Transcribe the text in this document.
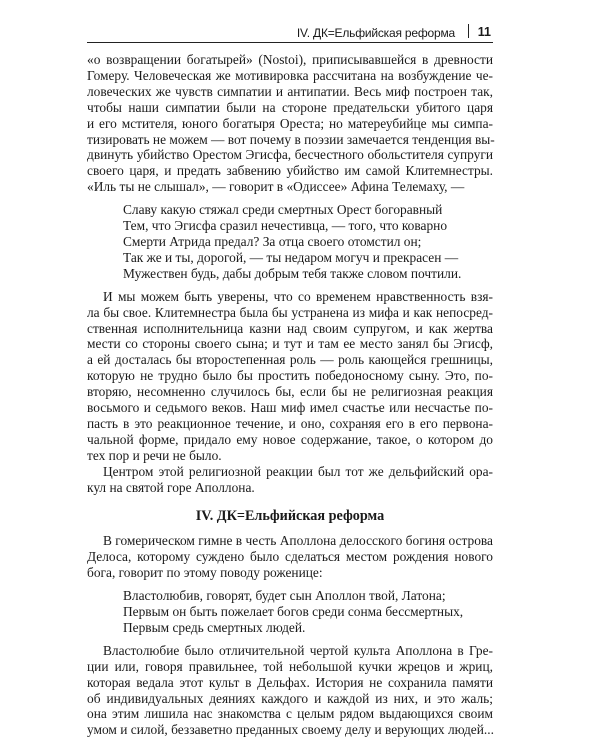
IV. ДК=Ельфийская реформа 11
«о возвращении богатырей» (Nostoi), приписывавшейся в древности
Гомеру. Человеческая же мотивировка рассчитана на возбуждение че-
ловеческих же чувств симпатии и антипатии. Весь миф построен так,
чтобы наши симпатии были на стороне предательски убитого царя
и его мстителя, юного богатыря Ореста; но матереубийце мы симпа-
тизировать не можем — вот почему в поэзии замечается тенденция вы-
двинуть убийство Орестом Эгисфа, бесчестного обольстителя супруги
своего царя, и предать забвению убийство им самой Клитемнестры.
«Иль ты не слышал», — говорит в «Одиссее» Афина Телемаху, —
Славу какую стяжал среди смертных Орест богоравный
Тем, что Эгисфа сразил нечестивца, — того, что коварно
Смерти Атрида предал? За отца своего отомстил он;
Так же и ты, дорогой, — ты недаром могуч и прекрасен —
Мужествен будь, дабы добрым тебя также словом почтили.
И мы можем быть уверены, что со временем нравственность взя-
ла бы свое. Клитемнестра была бы устранена из мифа и как непосред-
ственная исполнительница казни над своим супругом, и как жертва
мести со стороны своего сына; и тут и там ее место занял бы Эгисф,
а ей досталась бы второстепенная роль — роль кающейся грешницы,
которую не трудно было бы простить победоносному сыну. Это, по-
вторяю, несомненно случилось бы, если бы не религиозная реакция
восьмого и седьмого веков. Наш миф имел счастье или несчастье по-
пасть в это реакционное течение, и оно, сохраняя его в его первона-
чальной форме, придало ему новое содержание, такое, о котором до
тех пор и речи не было.
Центром этой религиозной реакции был тот же дельфийский ора-
кул на святой горе Аполлона.
IV. ДК=Ельфийская реформа
В гомерическом гимне в честь Аполлона делосского богиня острова
Делоса, которому суждено было сделаться местом рождения нового
бога, говорит по этому поводу роженице:
Властолюбив, говорят, будет сын Аполлон твой, Латона;
Первым он быть пожелает богов среди сонма бессмертных,
Первым средь смертных людей.
Властолюбие было отличительной чертой культа Аполлона в Гре-
ции или, говоря правильнее, той небольшой кучки жрецов и жриц,
которая ведала этот культ в Дельфах. История не сохранила памяти
об индивидуальных деяниях каждого и каждой из них, и это жаль;
она этим лишила нас знакомства с целым рядом выдающихся своим
умом и силой, беззаветно преданных своему делу и верующих людей...
